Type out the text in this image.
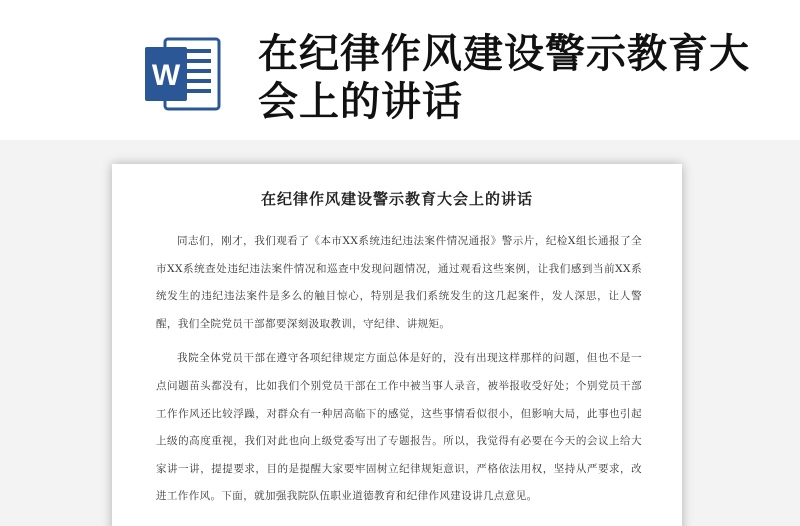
W 在纪律作风建设警示教育大会上的讲话
在纪律作风建设警示教育大会上的讲话

同志们，刚才，我们观看了《本市XX系统违纪违法案件情况通报》警示片，纪检X组长通报了全市XX系统查处违纪违法案件情况和巡查中发现问题情况，通过观看这些案例，让我们感到当前XX系统发生的违纪违法案件是多么的触目惊心，特别是我们系统发生的这几起案件，发人深思，让人警醒，我们全院党员干部都要深刻汲取教训，守纪律、讲规矩。

我院全体党员干部在遵守各项纪律规定方面总体是好的，没有出现这样那样的问题，但也不是一点问题苗头都没有，比如我们个别党员干部在工作中被当事人录音，被举报收受好处；个别党员干部工作作风还比较浮躁，对群众有一种居高临下的感觉，这些事情看似很小，但影响大局，此事也引起上级的高度重视，我们对此也向上级党委写出了专题报告。所以，我觉得有必要在今天的会议上给大家讲一讲，提提要求，目的是提醒大家要牢固树立纪律规矩意识，严格依法用权，坚持从严要求，改进工作作风。下面，就加强我院队伍职业道德教育和纪律作风建设讲几点意见。
